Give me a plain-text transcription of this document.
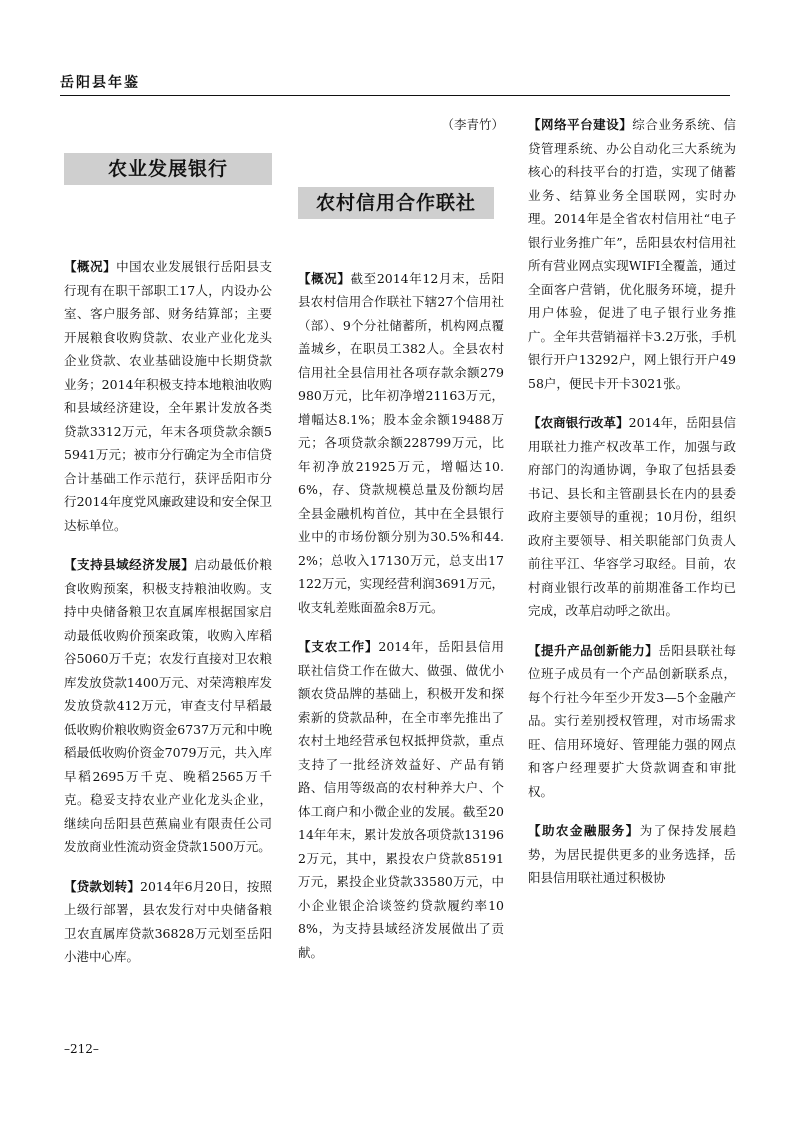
岳阳县年鉴
农业发展银行

【概况】中国农业发展银行岳阳县支行现有在职干部职工17人，内设办公室、客户服务部、财务结算部；主要开展粮食收购贷款、农业产业化龙头企业贷款、农业基础设施中长期贷款业务；2014年积极支持本地粮油收购和县域经济建设，全年累计发放各类贷款3312万元，年末各项贷款余额55941万元；被市分行确定为全市信贷合计基础工作示范行，获评岳阳市分行2014年度党风廉政建设和安全保卫达标单位。

【支持县域经济发展】启动最低价粮食收购预案，积极支持粮油收购。支持中央储备粮卫农直属库根据国家启动最低收购价预案政策，收购入库稻谷5060万千克；农发行直接对卫农粮库发放贷款1400万元、对荣湾粮库发发放贷款412万元，审查支付早稻最低收购价粮收购资金6737万元和中晚稻最低收购价资金7079万元，共入库早稻2695万千克、晚稻2565万千克。稳妥支持农业产业化龙头企业，继续向岳阳县芭蕉扁业有限责任公司发放商业性流动资金贷款1500万元。

【贷款划转】2014年6月20日，按照上级行部署，县农发行对中央储备粮卫农直属库贷款36828万元划至岳阳小港中心库。

（李青竹）

农村信用合作联社

【概况】截至2014年12月末，岳阳县农村信用合作联社下辖27个信用社（部）、9个分社储蓄所，机构网点覆盖城乡，在职员工382人。全县农村信用社全县信用社各项存款余额279980万元，比年初净增21163万元，增幅达8.1%；股本金余额19488万元；各项贷款余额228799万元，比年初净放21925万元，增幅达10.6%，存、贷款规模总量及份额均居全县金融机构首位，其中在全县银行业中的市场份额分别为30.5%和44.2%；总收入17130万元，总支出17122万元，实现经营利润3691万元，收支轧差账面盈余8万元。

【支农工作】2014年，岳阳县信用联社信贷工作在做大、做强、做优小额农贷品牌的基础上，积极开发和探索新的贷款品种，在全市率先推出了农村土地经营承包权抵押贷款，重点支持了一批经济效益好、产品有销路、信用等级高的农村种养大户、个体工商户和小微企业的发展。截至2014年年末，累计发放各项贷款131962万元，其中，累投农户贷款85191万元，累投企业贷款33580万元，中小企业银企洽谈签约贷款履约率108%，为支持县域经济发展做出了贡献。

【网络平台建设】综合业务系统、信贷管理系统、办公自动化三大系统为核心的科技平台的打造，实现了储蓄业务、结算业务全国联网，实时办理。2014年是全省农村信用社“电子银行业务推广年”，岳阳县农村信用社所有营业网点实现WIFI全覆盖，通过全面客户营销，优化服务环境，提升用户体验，促进了电子银行业务推广。全年共营销福祥卡3.2万张，手机银行开户13292户，网上银行开户4958户，便民卡开卡3021张。

【农商银行改革】2014年，岳阳县信用联社力推产权改革工作，加强与政府部门的沟通协调，争取了包括县委书记、县长和主管副县长在内的县委政府主要领导的重视；10月份，组织政府主要领导、相关职能部门负责人前往平江、华容学习取经。目前，农村商业银行改革的前期准备工作均已完成，改革启动呼之欲出。

【提升产品创新能力】岳阳县联社每位班子成员有一个产品创新联系点，每个行社今年至少开发3—5个金融产品。实行差别授权管理，对市场需求旺、信用环境好、管理能力强的网点和客户经理要扩大贷款调查和审批权。

【助农金融服务】为了保持发展趋势，为居民提供更多的业务选择，岳阳县信用联社通过积极协

–212–
